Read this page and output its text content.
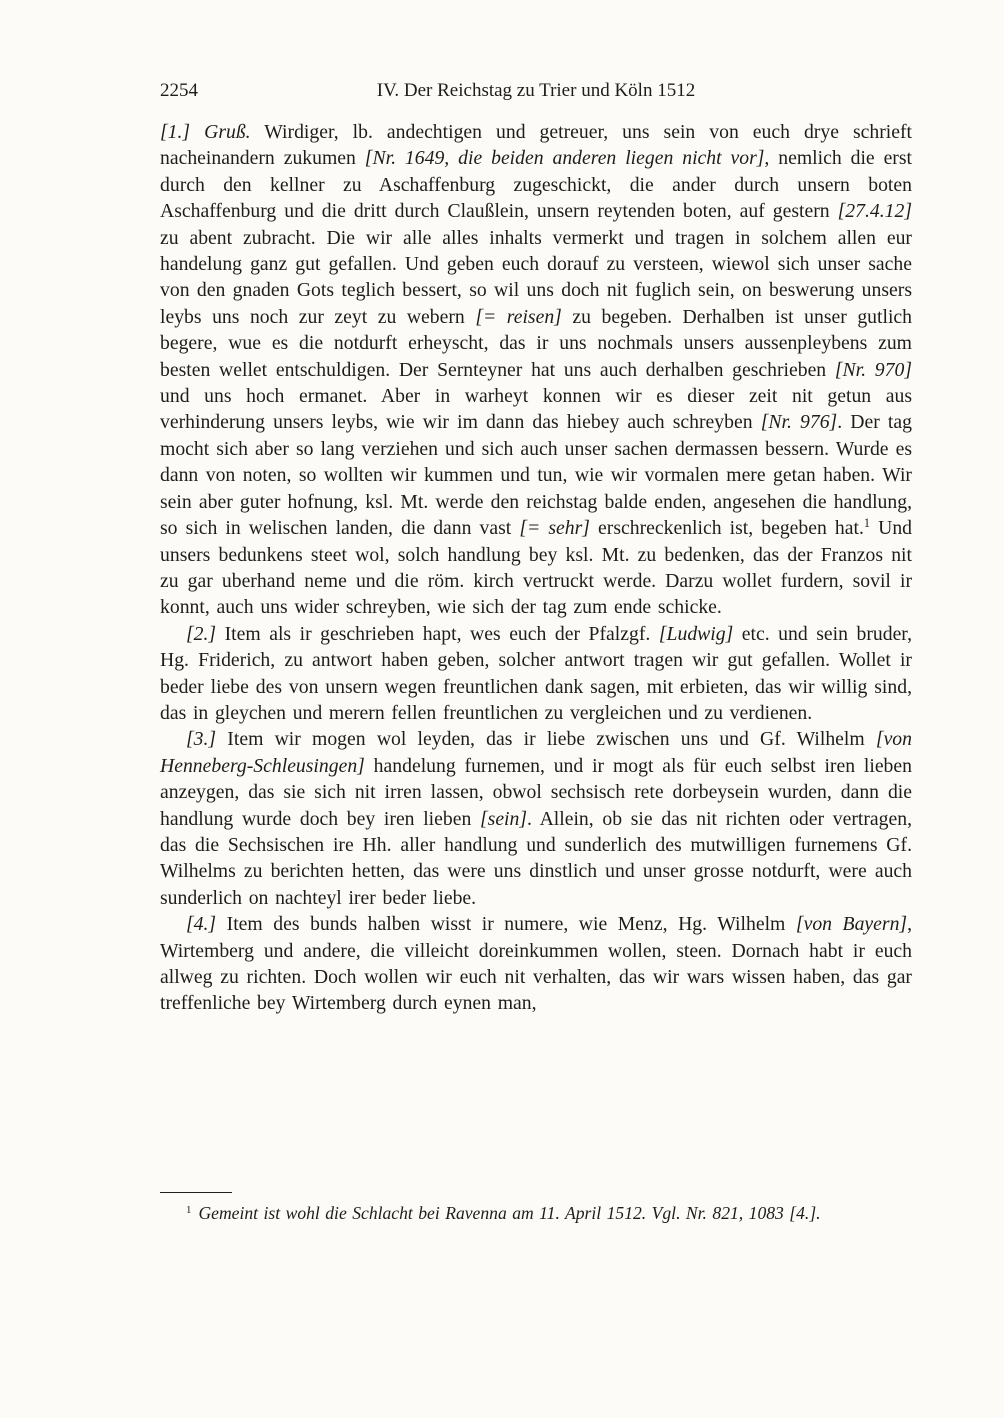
2254	IV. Der Reichstag zu Trier und Köln 1512

[1.] Gruß. Wirdiger, lb. andechtigen und getreuer, uns sein von euch drye schrieft nacheinandern zukumen [Nr. 1649, die beiden anderen liegen nicht vor], nemlich die erst durch den kellner zu Aschaffenburg zugeschickt, die ander durch unsern boten Aschaffenburg und die dritt durch Claußlein, unsern reytenden boten, auf gestern [27.4.12] zu abent zubracht. Die wir alle alles inhalts vermerkt und tragen in solchem allen eur handelung ganz gut gefallen. Und geben euch dorauf zu versteen, wiewol sich unser sache von den gnaden Gots teglich bessert, so wil uns doch nit fuglich sein, on beswerung unsers leybs uns noch zur zeyt zu webern [= reisen] zu begeben. Derhalben ist unser gutlich begere, wue es die notdurft erheyscht, das ir uns nochmals unsers aussenpleybens zum besten wellet entschuldigen. Der Sernteyner hat uns auch derhalben geschrieben [Nr. 970] und uns hoch ermanet. Aber in warheyt konnen wir es dieser zeit nit getun aus verhinderung unsers leybs, wie wir im dann das hiebey auch schreyben [Nr. 976]. Der tag mocht sich aber so lang verziehen und sich auch unser sachen dermassen bessern. Wurde es dann von noten, so wollten wir kummen und tun, wie wir vormalen mere getan haben. Wir sein aber guter hofnung, ksl. Mt. werde den reichstag balde enden, angesehen die handlung, so sich in welischen landen, die dann vast [= sehr] erschreckenlich ist, begeben hat.$^1$ Und unsers bedunkens steet wol, solch handlung bey ksl. Mt. zu bedenken, das der Franzos nit zu gar uberhand neme und die röm. kirch vertruckt werde. Darzu wollet furdern, sovil ir konnt, auch uns wider schreyben, wie sich der tag zum ende schicke.

[2.] Item als ir geschrieben hapt, wes euch der Pfalzgf. [Ludwig] etc. und sein bruder, Hg. Friderich, zu antwort haben geben, solcher antwort tragen wir gut gefallen. Wollet ir beder liebe des von unsern wegen freuntlichen dank sagen, mit erbieten, das wir willig sind, das in gleychen und merern fellen freuntlichen zu vergleichen und zu verdienen.

[3.] Item wir mogen wol leyden, das ir liebe zwischen uns und Gf. Wilhelm [von Henneberg-Schleusingen] handelung furnemen, und ir mogt als für euch selbst iren lieben anzeygen, das sie sich nit irren lassen, obwol sechsisch rete dorbeysein wurden, dann die handlung wurde doch bey iren lieben [sein]. Allein, ob sie das nit richten oder vertragen, das die Sechsischen ire Hh. aller handlung und sunderlich des mutwilligen furnemens Gf. Wilhelms zu berichten hetten, das were uns dinstlich und unser grosse notdurft, were auch sunderlich on nachteyl irer beder liebe.

[4.] Item des bunds halben wisst ir numere, wie Menz, Hg. Wilhelm [von Bayern], Wirtemberg und andere, die villeicht doreinkummen wollen, steen. Dornach habt ir euch allweg zu richten. Doch wollen wir euch nit verhalten, das wir wars wissen haben, das gar treffenliche bey Wirtemberg durch eynen man,

$^1$ Gemeint ist wohl die Schlacht bei Ravenna am 11. April 1512. Vgl. Nr. 821, 1083 [4.].
